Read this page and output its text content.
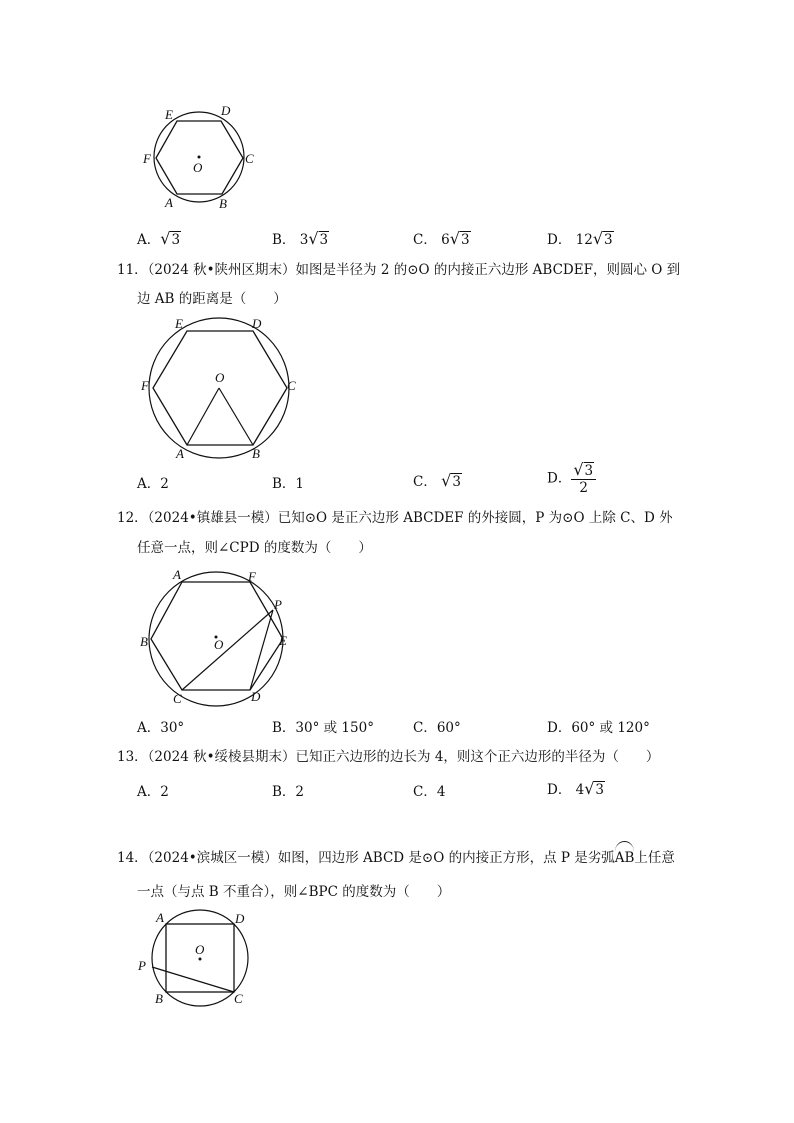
E	D
F	C
O
A	B
A．√3	B． 3√3	C． 6√3	D． 12√3
11．（2024 秋•陕州区期末）如图是半径为 2 的⊙O 的内接正六边形 ABCDEF，则圆心 O 到
边 AB 的距离是（　　）
E	D
F	C
O
A	B
A．2	B．1	C． √3	D． $\frac{√3}{2}$
12．（2024•镇雄县一模）已知⊙O 是正六边形 ABCDEF 的外接圆，P 为⊙O 上除 C、D 外
任意一点，则∠CPD 的度数为（　　）
A	F
P
B	E
O
C	D
A．30°	B．30° 或 150°	C．60°	D．60° 或 120°
13．（2024 秋•绥棱县期末）已知正六边形的边长为 4，则这个正六边形的半径为（　　）
A．2	B．2	C．4	D． 4√3
14．（2024•滨城区一模）如图，四边形 ABCD 是⊙O 的内接正方形，点 P 是劣弧AB上任意
一点（与点 B 不重合），则∠BPC 的度数为（　　）
A	D
O
P
B	C
